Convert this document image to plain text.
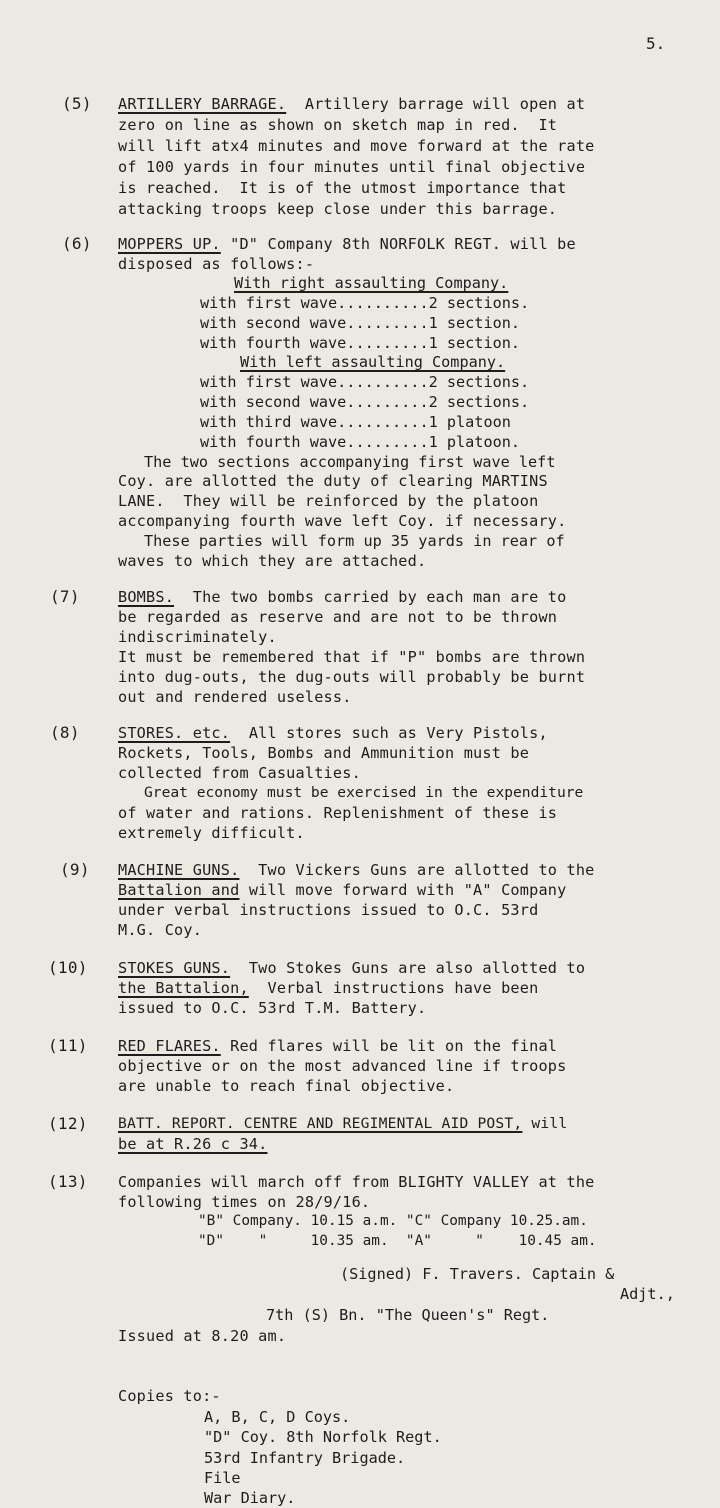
5.
(5) ARTILLERY BARRAGE. Artillery barrage will open at
zero on line as shown on sketch map in red.  It
will lift atx4 minutes and move forward at the rate
of 100 yards in four minutes until final objective
is reached.  It is of the utmost importance that
attacking troops keep close under this barrage.
(6) MOPPERS UP. "D" Company 8th NORFOLK REGT. will be
disposed as follows:-
With right assaulting Company.
with first wave..........2 sections.
with second wave.........1 section.
with fourth wave.........1 section.
With left assaulting Company.
with first wave..........2 sections.
with second wave.........2 sections.
with third wave..........1 platoon
with fourth wave.........1 platoon.
The two sections accompanying first wave left
Coy. are allotted the duty of clearing MARTINS
LANE.  They will be reinforced by the platoon
accompanying fourth wave left Coy. if necessary.
These parties will form up 35 yards in rear of
waves to which they are attached.
(7)	BOMBS. The two bombs carried by each man are to
be regarded as reserve and are not to be thrown
indiscriminately.
It must be remembered that if "P" bombs are thrown
into dug-outs, the dug-outs will probably be burnt
out and rendered useless.
(8)	STORES. etc. All stores such as Very Pistols,
Rockets, Tools, Bombs and Ammunition must be
collected from Casualties.
Great economy must be exercised in the expenditure
of water and rations. Replenishment of these is
extremely difficult.
(9) MACHINE GUNS. Two Vickers Guns are allotted to the
Battalion and will move forward with "A" Company
under verbal instructions issued to O.C. 53rd
M.G. Coy.
(10) STOKES GUNS. Two Stokes Guns are also allotted to
the Battalion, Verbal instructions have been
issued to O.C. 53rd T.M. Battery.
(11) RED FLARES. Red flares will be lit on the final
objective or on the most advanced line if troops
are unable to reach final objective.
(12) BATT. REPORT. CENTRE AND REGIMENTAL AID POST, will
be at R.26 c 34.
(13) Companies will march off from BLIGHTY VALLEY at the
following times on 28/9/16.
"B" Company. 10.15 a.m. "C" Company 10.25.am.
"D"    "     10.35 am.  "A"     "    10.45 am.
(Signed) F. Travers. Captain &
Adjt.,
7th (S) Bn. "The Queen's" Regt.
Issued at 8.20 am.
Copies to:-
A, B, C, D Coys.
"D" Coy. 8th Norfolk Regt.
53rd Infantry Brigade.
File
War Diary.
